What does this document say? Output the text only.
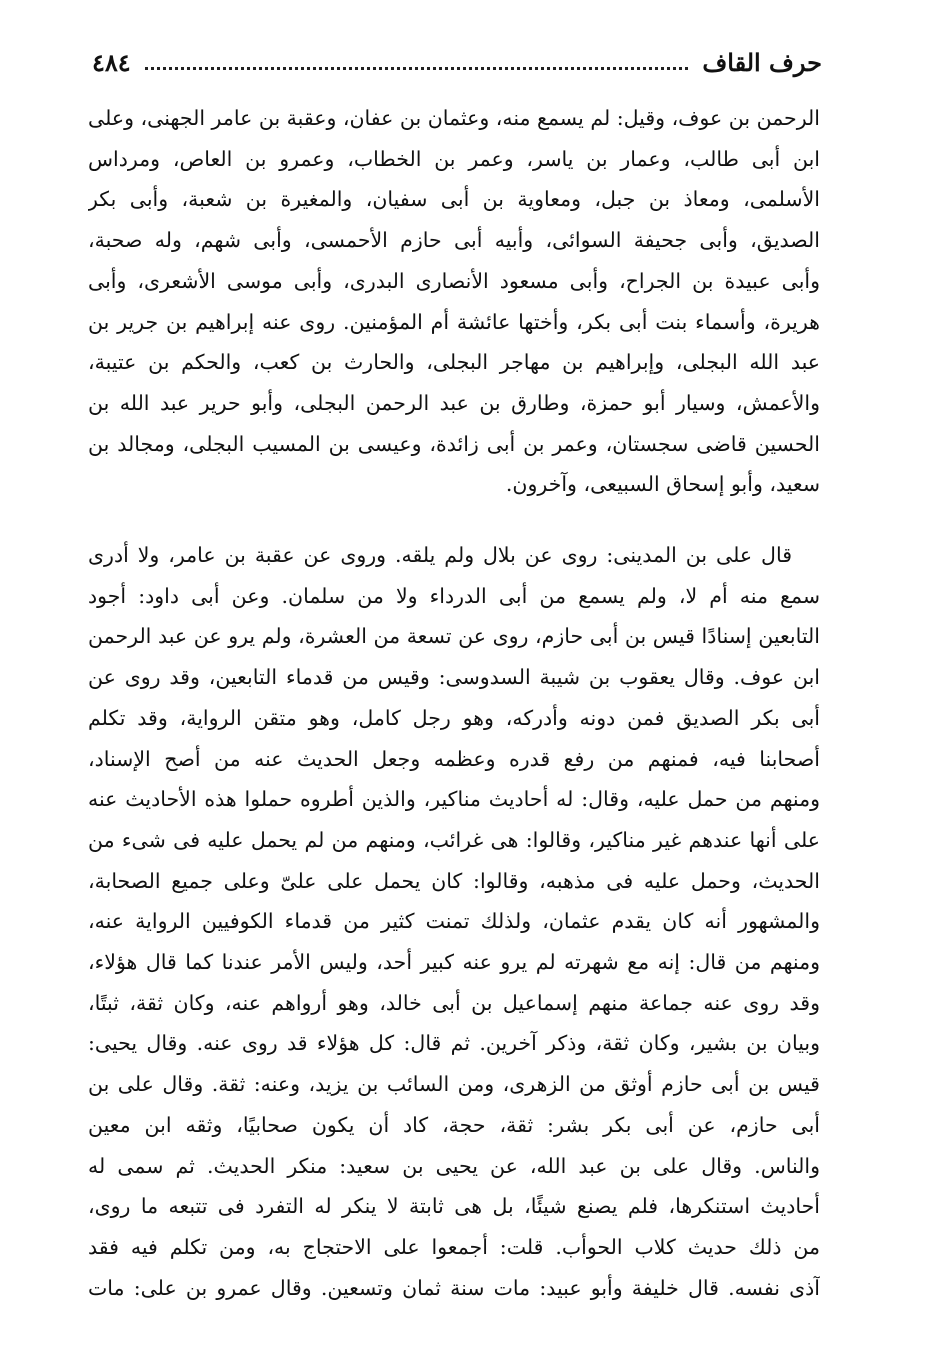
حرف القاف
٤٨٤

الرحمن بن عوف، وقيل: لم يسمع منه، وعثمان بن عفان، وعقبة بن عامر الجهنى، وعلى
ابن أبى طالب، وعمار بن ياسر، وعمر بن الخطاب، وعمرو بن العاص، ومرداس
الأسلمى، ومعاذ بن جبل، ومعاوية بن أبى سفيان، والمغيرة بن شعبة، وأبى بكر
الصديق، وأبى جحيفة السوائى، وأبيه أبى حازم الأحمسى، وأبى شهم، وله صحبة،
وأبى عبيدة بن الجراح، وأبى مسعود الأنصارى البدرى، وأبى موسى الأشعرى، وأبى
هريرة، وأسماء بنت أبى بكر، وأختها عائشة أم المؤمنين. روى عنه إبراهيم بن جرير بن
عبد الله البجلى، وإبراهيم بن مهاجر البجلى، والحارث بن كعب، والحكم بن عتيبة،
والأعمش، وسيار أبو حمزة، وطارق بن عبد الرحمن البجلى، وأبو حرير عبد الله بن
الحسين قاضى سجستان، وعمر بن أبى زائدة، وعيسى بن المسيب البجلى، ومجالد بن
سعيد، وأبو إسحاق السبيعى، وآخرون.

قال على بن المدينى: روى عن بلال ولم يلقه. وروى عن عقبة بن عامر، ولا أدرى
سمع منه أم لا، ولم يسمع من أبى الدرداء ولا من سلمان. وعن أبى داود: أجود
التابعين إسنادًا قيس بن أبى حازم، روى عن تسعة من العشرة، ولم يرو عن عبد الرحمن
ابن عوف. وقال يعقوب بن شيبة السدوسى: وقيس من قدماء التابعين، وقد روى عن
أبى بكر الصديق فمن دونه وأدركه، وهو رجل كامل، وهو متقن الرواية، وقد تكلم
أصحابنا فيه، فمنهم من رفع قدره وعظمه وجعل الحديث عنه من أصح الإسناد،
ومنهم من حمل عليه، وقال: له أحاديث مناكير، والذين أطروه حملوا هذه الأحاديث عنه
على أنها عندهم غير مناكير، وقالوا: هى غرائب، ومنهم من لم يحمل عليه فى شىء من
الحديث، وحمل عليه فى مذهبه، وقالوا: كان يحمل على علىّ وعلى جميع الصحابة،
والمشهور أنه كان يقدم عثمان، ولذلك تمنت كثير من قدماء الكوفيين الرواية عنه،
ومنهم من قال: إنه مع شهرته لم يرو عنه كبير أحد، وليس الأمر عندنا كما قال هؤلاء،
وقد روى عنه جماعة منهم إسماعيل بن أبى خالد، وهو أرواهم عنه، وكان ثقة، ثبتًا،
وبيان بن بشير، وكان ثقة، وذكر آخرين. ثم قال: كل هؤلاء قد روى عنه. وقال يحيى:
قيس بن أبى حازم أوثق من الزهرى، ومن السائب بن يزيد، وعنه: ثقة. وقال على بن
أبى حازم، عن أبى بكر بشر: ثقة، حجة، كاد أن يكون صحابيًا، وثقه ابن معين
والناس. وقال على بن عبد الله، عن يحيى بن سعيد: منكر الحديث. ثم سمى له
أحاديث استنكرها، فلم يصنع شيئًا، بل هى ثابتة لا ينكر له التفرد فى تتبعه ما روى،
من ذلك حديث كلاب الحوأب. قلت: أجمعوا على الاحتجاج به، ومن تكلم فيه فقد
آذى نفسه. قال خليفة وأبو عبيد: مات سنة ثمان وتسعين. وقال عمرو بن على: مات
